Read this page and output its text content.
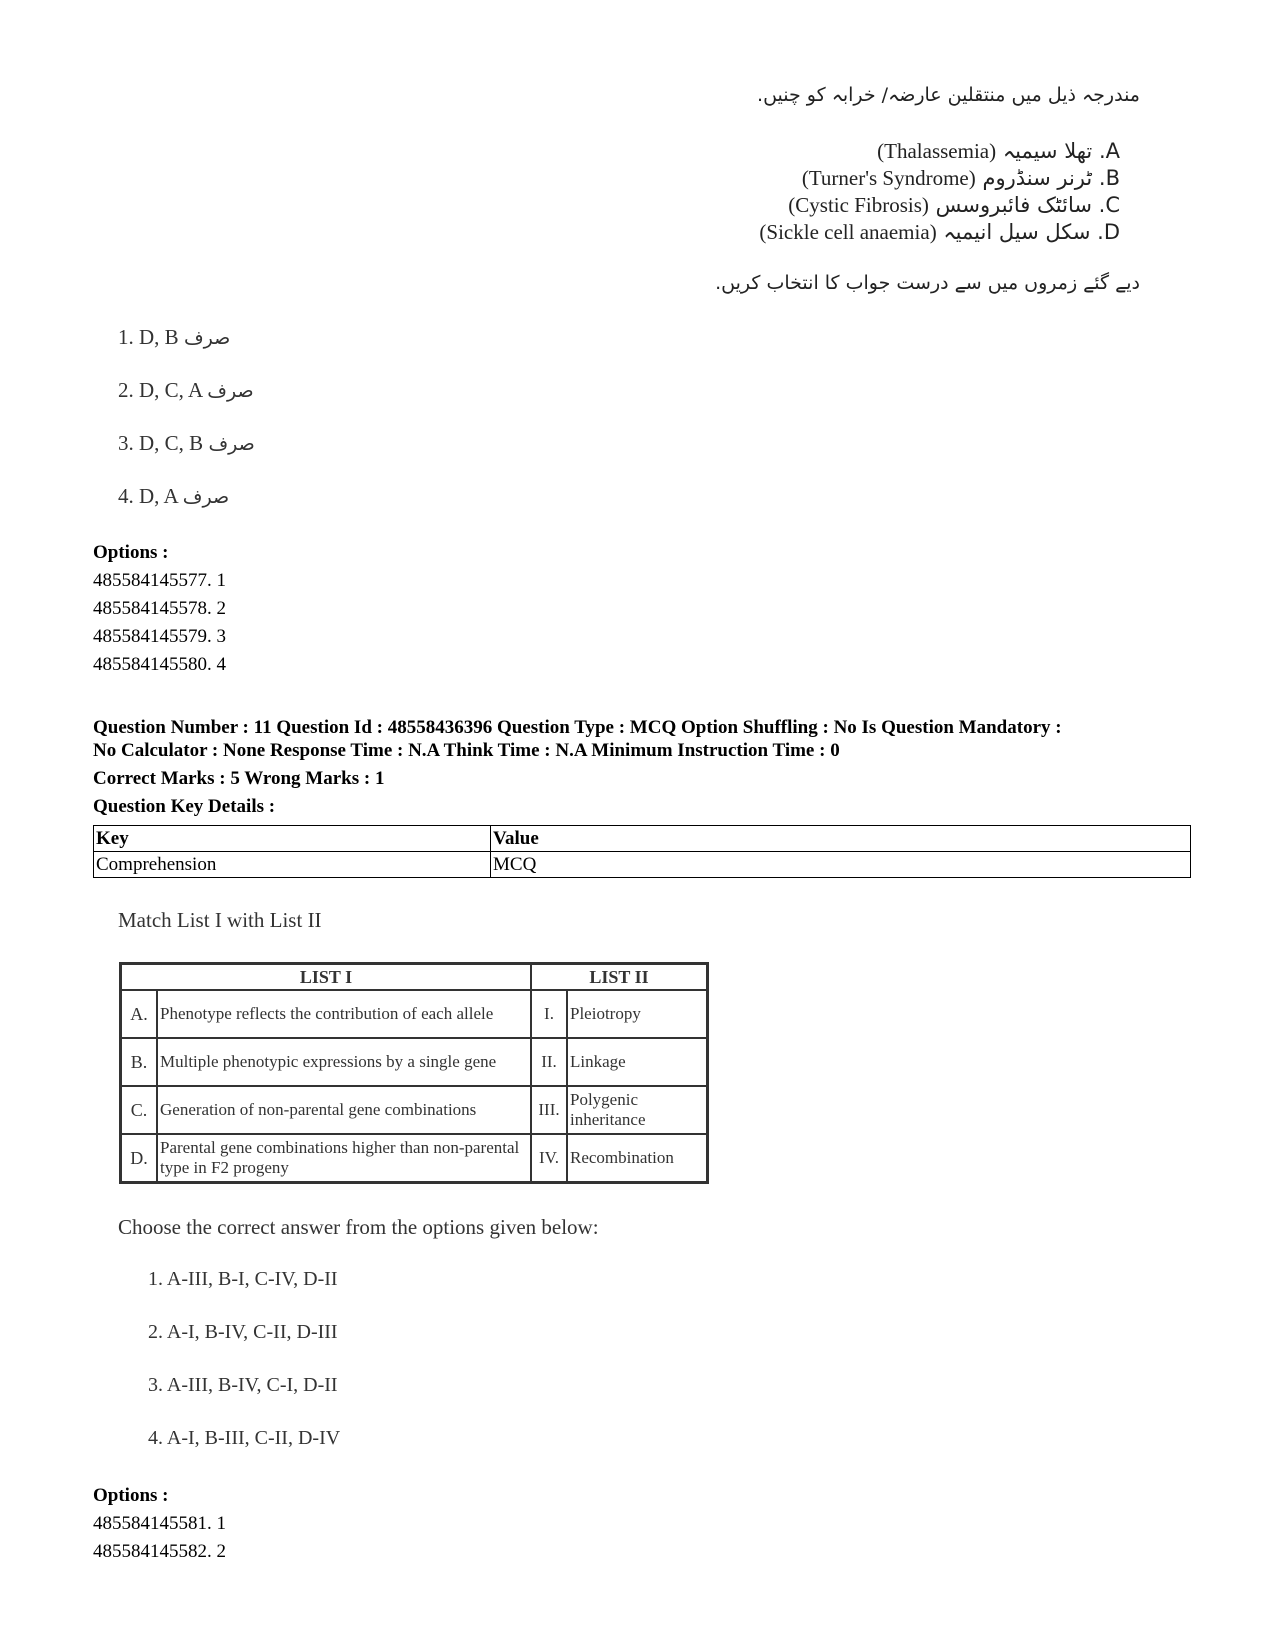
مندرجہ ذیل میں منتقلین عارضہ/ خرابہ کو چنیں.
A. تھلا سیمیہ (Thalassemia)
B. ٹرنر سنڈروم (Turner's Syndrome)
C. سائٹک فائبروسس (Cystic Fibrosis)
D. سکل سیل انیمیہ (Sickle cell anaemia)
دیے گئے زمروں میں سے درست جواب کا انتخاب کریں.
1. D, B صرف
2. D, C, A صرف
3. D, C, B صرف
4. D, A صرف
Options :
485584145577. 1
485584145578. 2
485584145579. 3
485584145580. 4
Question Number : 11 Question Id : 48558436396 Question Type : MCQ Option Shuffling : No Is Question Mandatory :
No Calculator : None Response Time : N.A Think Time : N.A Minimum Instruction Time : 0
Correct Marks : 5 Wrong Marks : 1
Question Key Details :
Key	Value
Comprehension	MCQ
Match List I with List II
LIST I		LIST II	
A.	Phenotype reflects the contribution of each allele	I.	Pleiotropy
B.	Multiple phenotypic expressions by a single gene	II.	Linkage
C.	Generation of non-parental gene combinations	III.	Polygenic inheritance
D.	Parental gene combinations higher than non-parental type in F2 progeny	IV.	Recombination
Choose the correct answer from the options given below:
1. A-III, B-I, C-IV, D-II
2. A-I, B-IV, C-II, D-III
3. A-III, B-IV, C-I, D-II
4. A-I, B-III, C-II, D-IV
Options :
485584145581. 1
485584145582. 2
